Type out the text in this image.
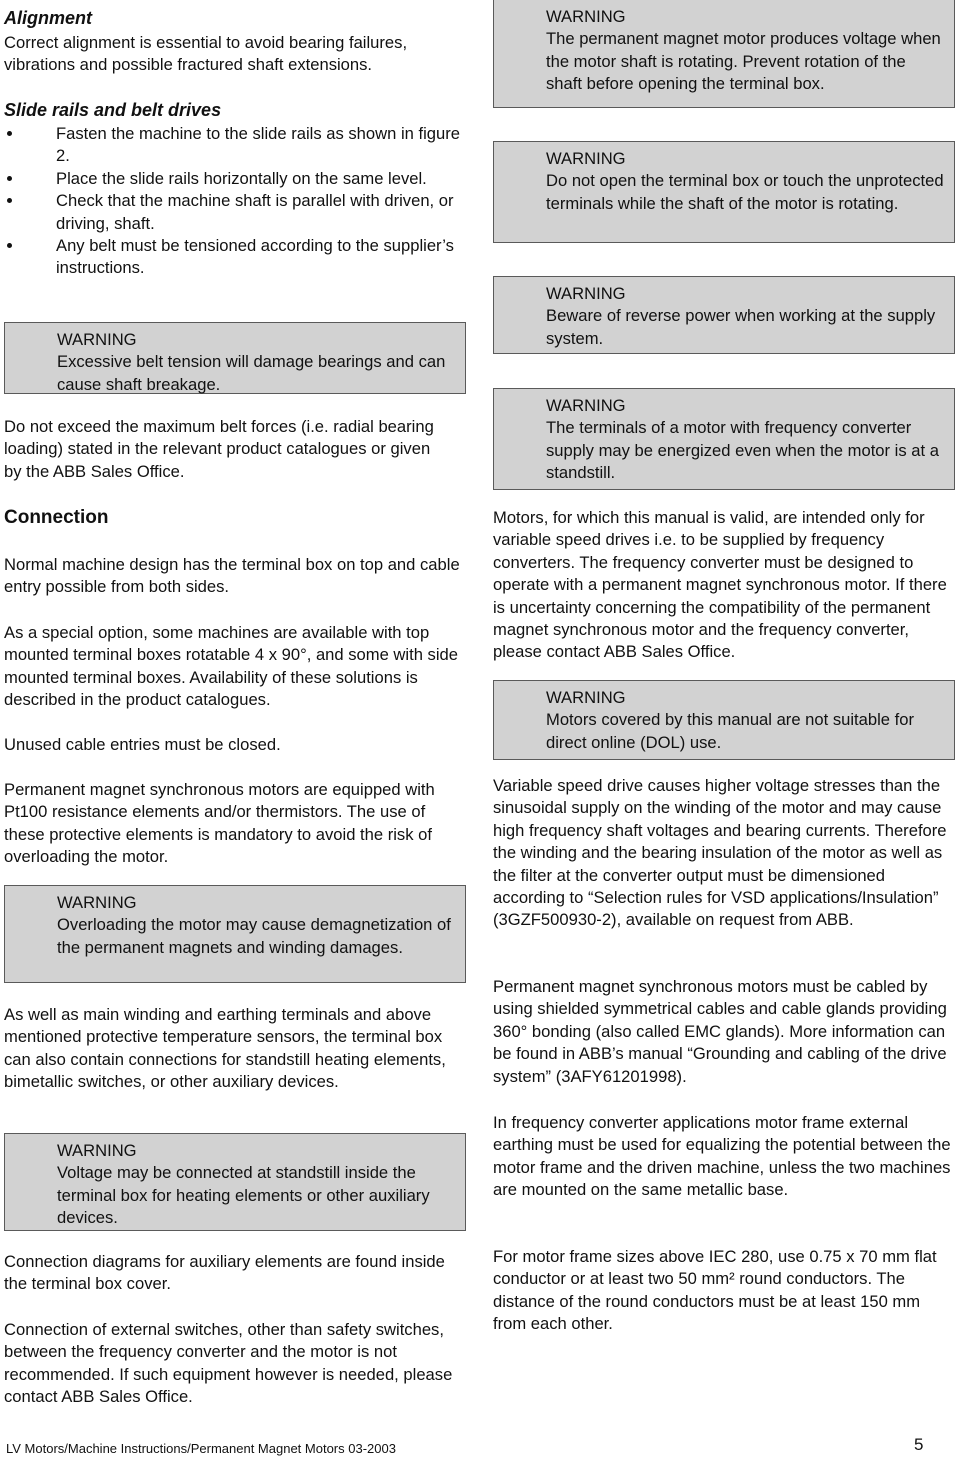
Alignment

Correct alignment is essential to avoid bearing failures, vibrations and possible fractured shaft extensions.

Slide rails and belt drives

Fasten the machine to the slide rails as shown in figure 2.
Place the slide rails horizontally on the same level.
Check that the machine shaft is parallel with driven, or driving, shaft.
Any belt must be tensioned according to the supplier’s instructions.
WARNING
Excessive belt tension will damage bearings and can cause shaft breakage.

Do not exceed the maximum belt forces (i.e. radial bearing loading) stated in the relevant product catalogues or given by the ABB Sales Office.

Connection

Normal machine design has the terminal box on top and cable entry possible from both sides.

As a special option, some machines are available with top mounted terminal boxes rotatable 4 x 90°, and some with side mounted terminal boxes. Availability of these solutions is described in the product catalogues.

Unused cable entries must be closed.

Permanent magnet synchronous motors are equipped with Pt100 resistance elements and/or thermistors. The use of these protective elements is mandatory to avoid the risk of overloading the motor.

WARNING
Overloading the motor may cause demagnetization of the permanent magnets and winding damages.

As well as main winding and earthing terminals and above mentioned protective temperature sensors, the terminal box can also contain connections for standstill heating elements, bimetallic switches, or other auxiliary devices.

WARNING
Voltage may be connected at standstill inside the terminal box for heating elements or other auxiliary devices.

Connection diagrams for auxiliary elements are found inside the terminal box cover.

Connection of external switches, other than safety switches, between the frequency converter and the motor is not recommended. If such equipment however is needed, please contact ABB Sales Office.

WARNING
The permanent magnet motor produces voltage when the motor shaft is rotating. Prevent rotation of the shaft before opening the terminal box.
WARNING
Do not open the terminal box or touch the unprotected terminals while the shaft of the motor is rotating.
WARNING
Beware of reverse power when working at the supply system.
WARNING
The terminals of a motor with frequency converter supply may be energized even when the motor is at a standstill.

Motors, for which this manual is valid, are intended only for variable speed drives i.e. to be supplied by frequency converters. The frequency converter must be designed to operate with a permanent magnet synchronous motor. If there is uncertainty concerning the compatibility of the permanent magnet synchronous motor and the frequency converter, please contact ABB Sales Office.

WARNING
Motors covered by this manual are not suitable for direct online (DOL) use.

Variable speed drive causes higher voltage stresses than the sinusoidal supply on the winding of the motor and may cause high frequency shaft voltages and bearing currents. Therefore the winding and the bearing insulation of the motor as well as the filter at the converter output must be dimensioned according to “Selection rules for VSD applications/Insulation” (3GZF500930-2), available on request from ABB.

Permanent magnet synchronous motors must be cabled by using shielded symmetrical cables and cable glands providing 360° bonding (also called EMC glands). More information can be found in ABB’s manual “Grounding and cabling of the drive system” (3AFY61201998).

In frequency converter applications motor frame external earthing must be used for equalizing the potential between the motor frame and the driven machine, unless the two machines are mounted on the same metallic base.

For motor frame sizes above IEC 280, use 0.75 x 70 mm flat conductor or at least two 50 mm² round conductors. The distance of the round conductors must be at least 150 mm from each other.

LV Motors/Machine Instructions/Permanent Magnet Motors 03-2003	5
